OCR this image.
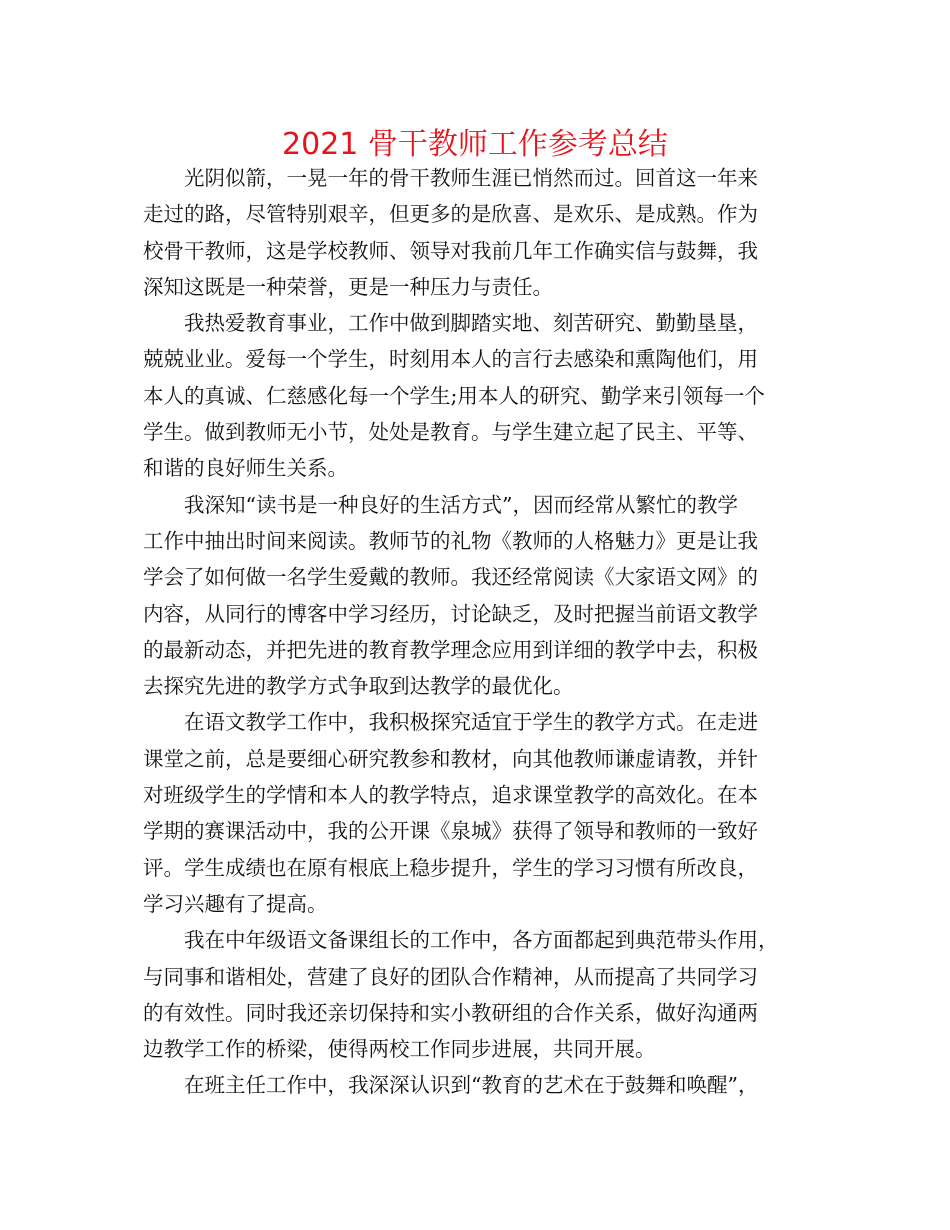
2021 骨干教师工作参考总结
光阴似箭，一晃一年的骨干教师生涯已悄然而过。回首这一年来
走过的路，尽管特别艰辛，但更多的是欣喜、是欢乐、是成熟。作为
校骨干教师，这是学校教师、领导对我前几年工作确实信与鼓舞，我
深知这既是一种荣誉，更是一种压力与责任。
我热爱教育事业，工作中做到脚踏实地、刻苦研究、勤勤垦垦，
兢兢业业。爱每一个学生，时刻用本人的言行去感染和熏陶他们，用
本人的真诚、仁慈感化每一个学生;用本人的研究、勤学来引领每一个
学生。做到教师无小节，处处是教育。与学生建立起了民主、平等、
和谐的良好师生关系。
我深知“读书是一种良好的生活方式”，因而经常从繁忙的教学
工作中抽出时间来阅读。教师节的礼物《教师的人格魅力》更是让我
学会了如何做一名学生爱戴的教师。我还经常阅读《大家语文网》的
内容，从同行的博客中学习经历，讨论缺乏，及时把握当前语文教学
的最新动态，并把先进的教育教学理念应用到详细的教学中去，积极
去探究先进的教学方式争取到达教学的最优化。
在语文教学工作中，我积极探究适宜于学生的教学方式。在走进
课堂之前，总是要细心研究教参和教材，向其他教师谦虚请教，并针
对班级学生的学情和本人的教学特点，追求课堂教学的高效化。在本
学期的赛课活动中，我的公开课《泉城》获得了领导和教师的一致好
评。学生成绩也在原有根底上稳步提升，学生的学习习惯有所改良，
学习兴趣有了提高。
我在中年级语文备课组长的工作中，各方面都起到典范带头作用，
与同事和谐相处，营建了良好的团队合作精神，从而提高了共同学习
的有效性。同时我还亲切保持和实小教研组的合作关系，做好沟通两
边教学工作的桥梁，使得两校工作同步进展，共同开展。
在班主任工作中，我深深认识到“教育的艺术在于鼓舞和唤醒”，
